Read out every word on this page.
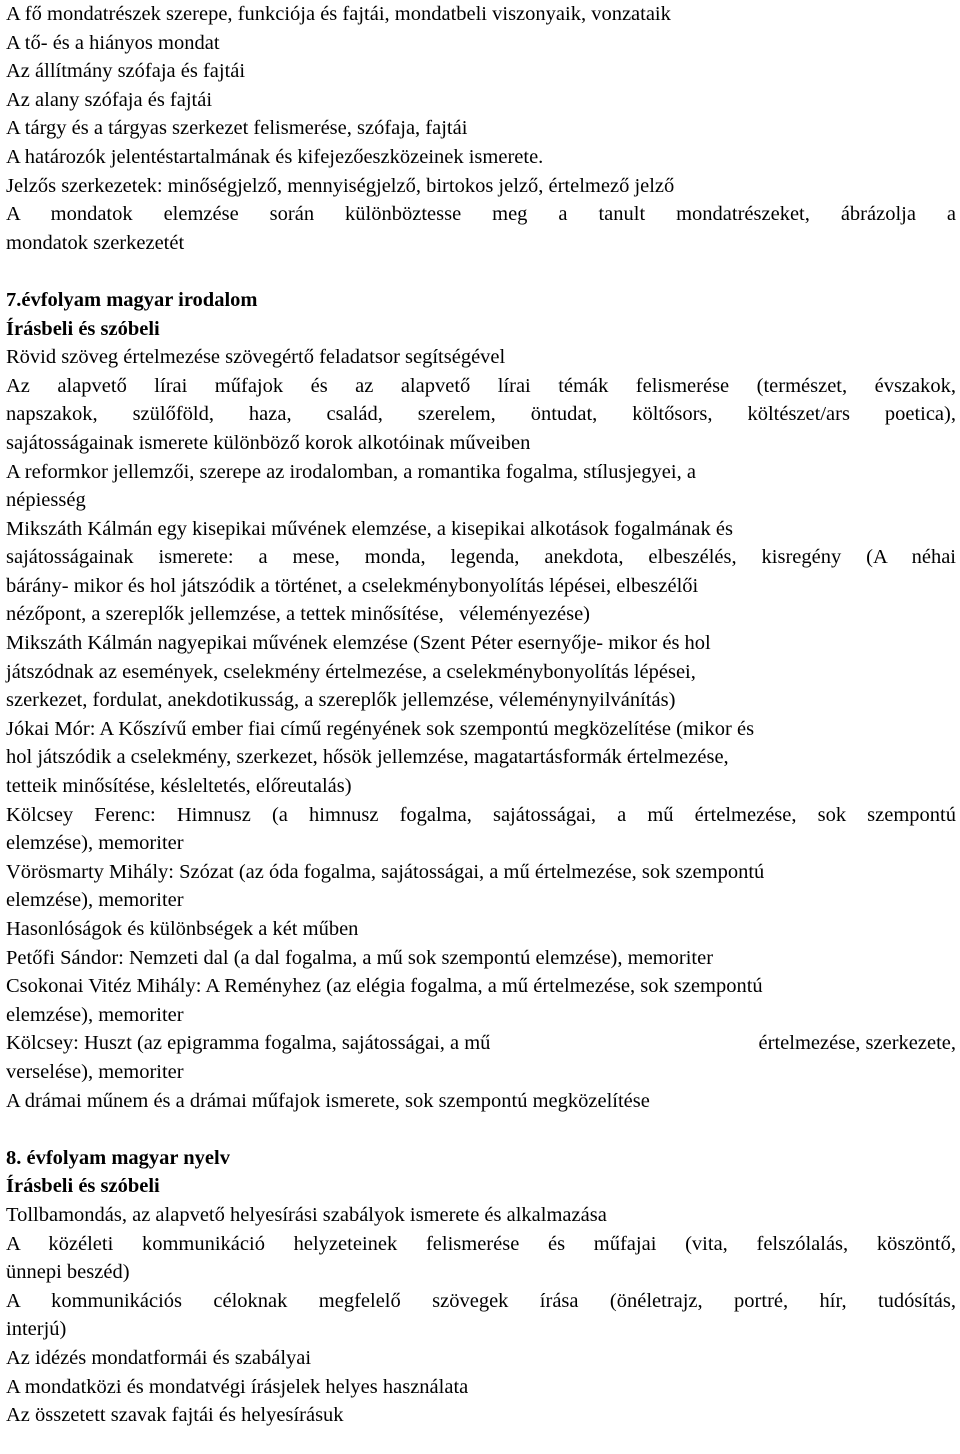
A fő mondatrészek szerepe, funkciója és fajtái, mondatbeli viszonyaik, vonzataik
A tő- és a hiányos mondat
Az állítmány szófaja és fajtái
Az alany szófaja és fajtái
A tárgy és a tárgyas szerkezet felismerése, szófaja, fajtái
A határozók jelentéstartalmának és kifejezőeszközeinek ismerete.
Jelzős szerkezetek: minőségjelző, mennyiségjelző, birtokos jelző, értelmező jelző
A mondatok elemzése során különböztesse meg a tanult mondatrészeket, ábrázolja a
mondatok szerkezetét
7.évfolyam magyar irodalom
Írásbeli és szóbeli
Rövid szöveg értelmezése szövegértő feladatsor segítségével
Az alapvető lírai műfajok és az alapvető lírai témák felismerése (természet, évszakok,
napszakok, szülőföld, haza, család, szerelem, öntudat, költősors, költészet/ars poetica),
sajátosságainak ismerete különböző korok alkotóinak műveiben
A reformkor jellemzői, szerepe az irodalomban, a romantika fogalma, stílusjegyei, a
népiesség
Mikszáth Kálmán egy kisepikai művének elemzése, a kisepikai alkotások fogalmának és
sajátosságainak ismerete: a mese, monda, legenda, anekdota, elbeszélés, kisregény (A néhai
bárány- mikor és hol játszódik a történet, a cselekménybonyolítás lépései, elbeszélői
nézőpont, a szereplők jellemzése, a tettek minősítése,   véleményezése)
Mikszáth Kálmán nagyepikai művének elemzése (Szent Péter esernyője- mikor és hol
játszódnak az események, cselekmény értelmezése, a cselekménybonyolítás lépései,
szerkezet, fordulat, anekdotikusság, a szereplők jellemzése, véleménynyilvánítás)
Jókai Mór: A Kőszívű ember fiai című regényének sok szempontú megközelítése (mikor és
hol játszódik a cselekmény, szerkezet, hősök jellemzése, magatartásformák értelmezése,
tetteik minősítése, késleltetés, előreutalás)
Kölcsey Ferenc: Himnusz (a himnusz fogalma, sajátosságai, a mű értelmezése, sok szempontú
elemzése), memoriter
Vörösmarty Mihály: Szózat (az óda fogalma, sajátosságai, a mű értelmezése, sok szempontú
elemzése), memoriter
Hasonlóságok és különbségek a két műben
Petőfi Sándor: Nemzeti dal (a dal fogalma, a mű sok szempontú elemzése), memoriter
Csokonai Vitéz Mihály: A Reményhez (az elégia fogalma, a mű értelmezése, sok szempontú
elemzése), memoriter
Kölcsey: Huszt (az epigramma fogalma, sajátosságai, a mű	értelmezése, szerkezete,
verselése), memoriter
A drámai műnem és a drámai műfajok ismerete, sok szempontú megközelítése
8. évfolyam magyar nyelv
Írásbeli és szóbeli
Tollbamondás, az alapvető helyesírási szabályok ismerete és alkalmazása
A közéleti kommunikáció helyzeteinek felismerése és műfajai (vita, felszólalás, köszöntő,
ünnepi beszéd)
A kommunikációs céloknak megfelelő szövegek írása (önéletrajz, portré, hír, tudósítás,
interjú)
Az idézés mondatformái és szabályai
A mondatközi és mondatvégi írásjelek helyes használata
Az összetett szavak fajtái és helyesírásuk
